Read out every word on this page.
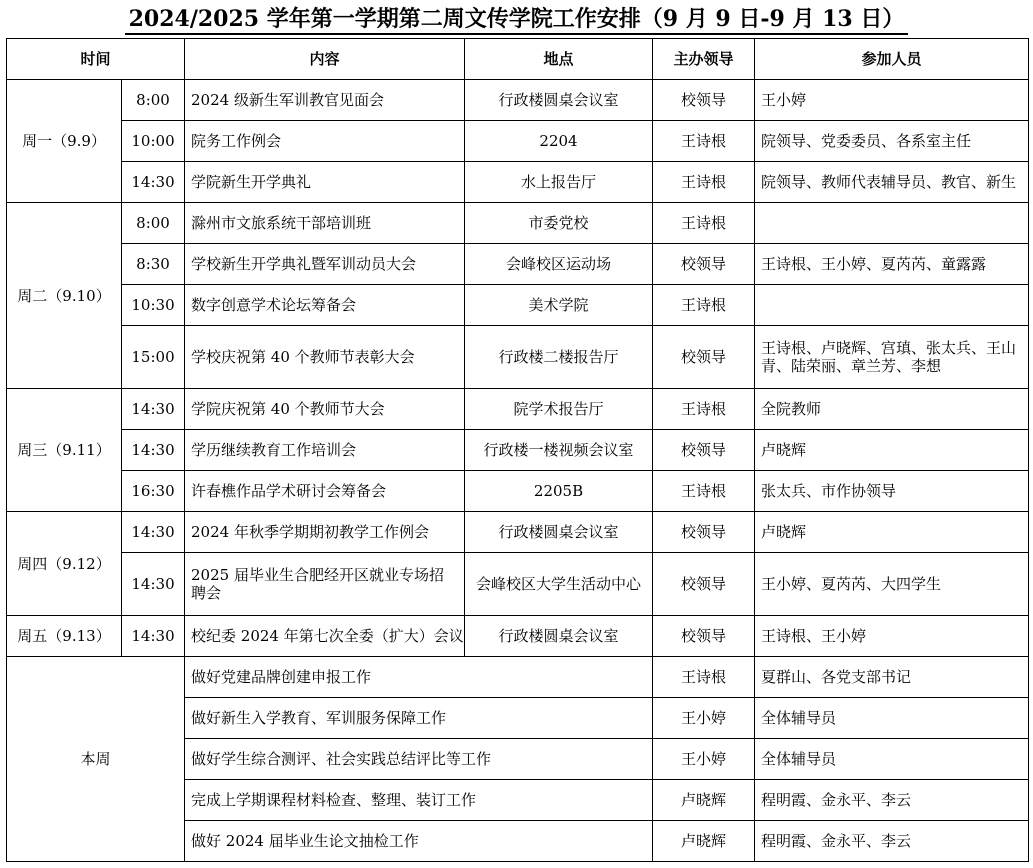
2024/2025 学年第一学期第二周文传学院工作安排（9 月 9 日-9 月 13 日）
时间		内容	地点	主办领导	参加人员
周一（9.9）	8:00	2024 级新生军训教官见面会	行政楼圆桌会议室	校领导	王小婷
	10:00	院务工作例会	2204	王诗根	院领导、党委委员、各系室主任
	14:30	学院新生开学典礼	水上报告厅	王诗根	院领导、教师代表辅导员、教官、新生
周二（9.10）	8:00	滁州市文旅系统干部培训班	市委党校	王诗根	
	8:30	学校新生开学典礼暨军训动员大会	会峰校区运动场	校领导	王诗根、王小婷、夏芮芮、童露露
	10:30	数字创意学术论坛筹备会	美术学院	王诗根	
	15:00	学校庆祝第 40 个教师节表彰大会	行政楼二楼报告厅	校领导	王诗根、卢晓辉、宫瑱、张太兵、王山青、陆荣丽、章兰芳、李想
周三（9.11）	14:30	学院庆祝第 40 个教师节大会	院学术报告厅	王诗根	全院教师
	14:30	学历继续教育工作培训会	行政楼一楼视频会议室	校领导	卢晓辉
	16:30	许春樵作品学术研讨会筹备会	2205B	王诗根	张太兵、市作协领导
周四（9.12）	14:30	2024 年秋季学期期初教学工作例会	行政楼圆桌会议室	校领导	卢晓辉
	14:30	2025 届毕业生合肥经开区就业专场招聘会	会峰校区大学生活动中心	校领导	王小婷、夏芮芮、大四学生
周五（9.13）	14:30	校纪委 2024 年第七次全委（扩大）会议	行政楼圆桌会议室	校领导	王诗根、王小婷
本周		做好党建品牌创建申报工作		王诗根	夏群山、各党支部书记
		做好新生入学教育、军训服务保障工作		王小婷	全体辅导员
		做好学生综合测评、社会实践总结评比等工作		王小婷	全体辅导员
		完成上学期课程材料检查、整理、装订工作		卢晓辉	程明霞、金永平、李云
		做好 2024 届毕业生论文抽检工作		卢晓辉	程明霞、金永平、李云
